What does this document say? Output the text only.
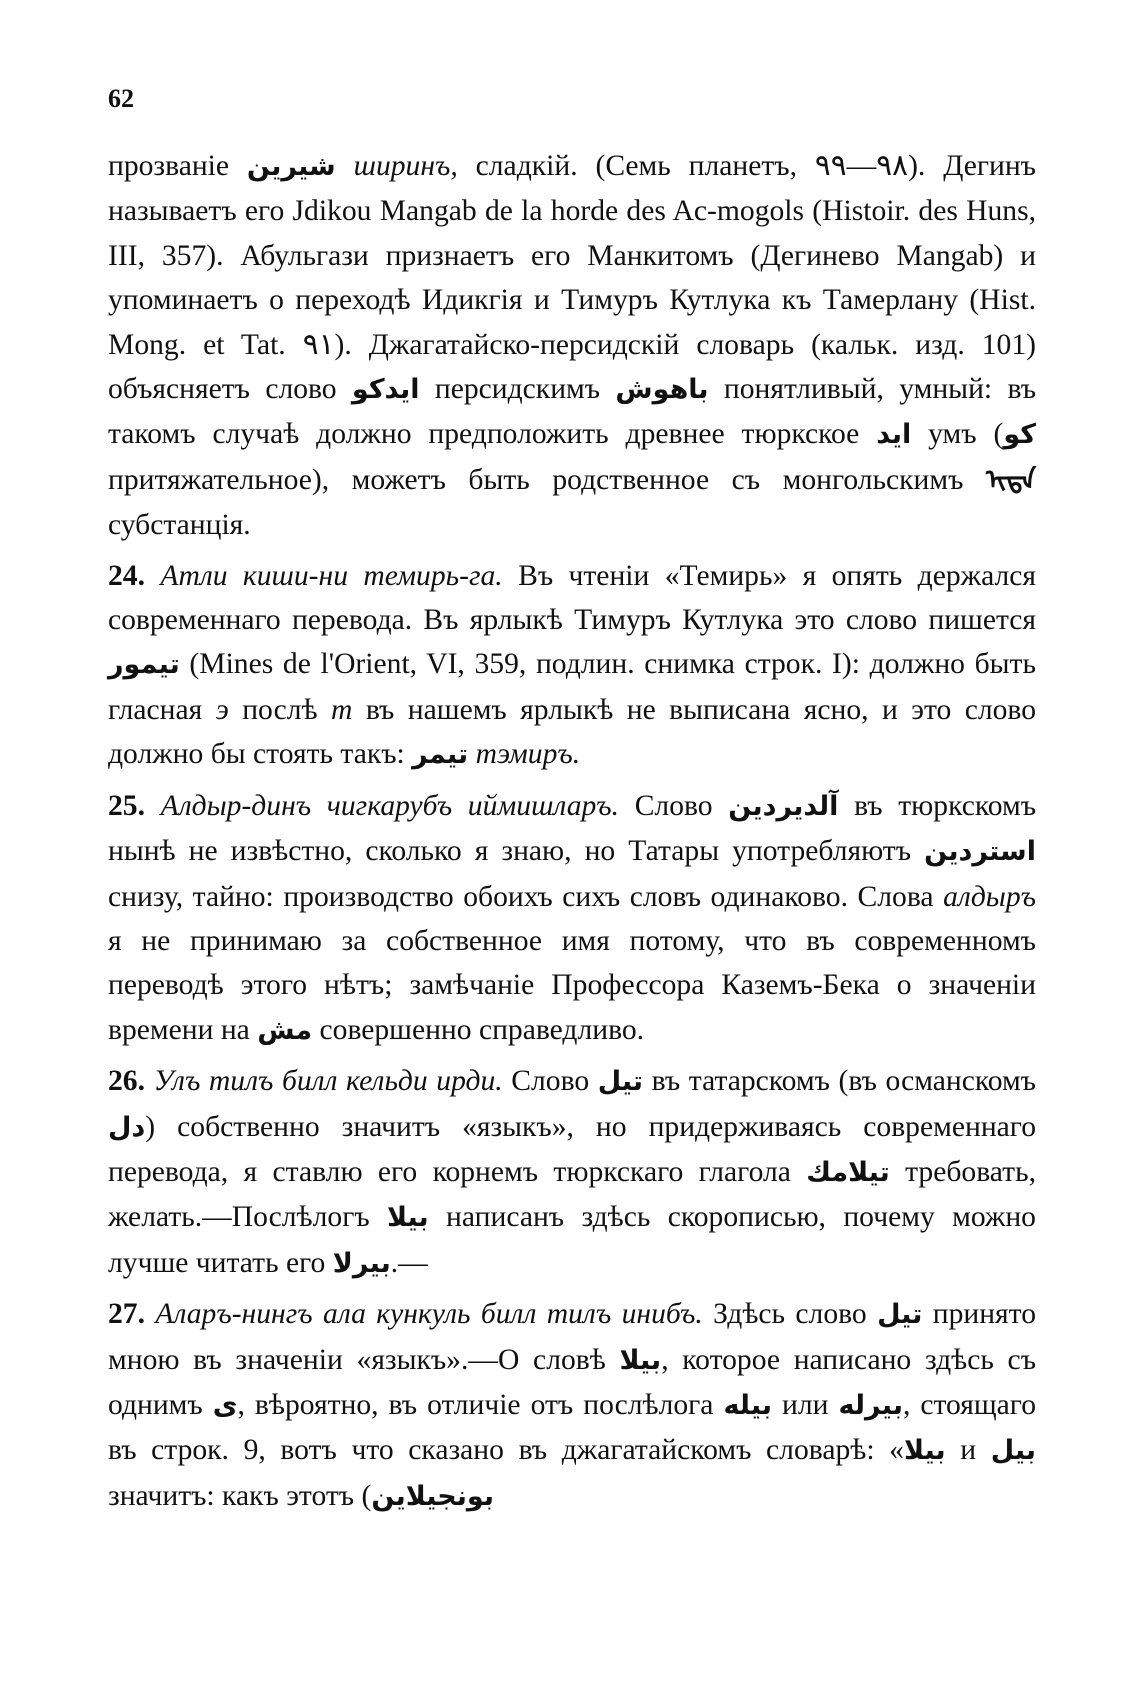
62

прозваніе شيرين ширинъ, сладкій. (Семь планетъ, ٩٨—٩٩). Дегинъ называетъ его Jdikou Mangab de la horde des Ac-mogols (Histoir. des Huns, III, 357). Абульгази признаетъ его Манкитомъ (Дегинево Mangab) и упоминаетъ о переходѣ Идикгія и Тимуръ Кутлука къ Тамерлану (Hist. Mong. et Tat. ٩١). Джагатайско-персидскій словарь (кальк. изд. 101) объясняетъ слово ايدكو персидскимъ باهوش понятливый, умный: въ такомъ случаѣ должно предположить древнее тюркское ايد умъ (كو притяжательное), можетъ быть родственное съ монгольскимъ ᠢᠳᠡ субстанція.

24. Атли киши-ни темирь-га. Въ чтеніи «Темирь» я опять держался современнаго перевода. Въ ярлыкѣ Тимуръ Кутлука это слово пишется تيمور (Mines de l'Orient, VI, 359, подлин. снимка строк. I): должно быть гласная э послѣ т въ нашемъ ярлыкѣ не выписана ясно, и это слово должно бы стоять такъ: تيمر тэмиръ.

25. Алдыр-динъ чигкарубъ иймишларъ. Слово آلديردين въ тюркскомъ нынѣ не извѣстно, сколько я знаю, но Татары употребляютъ استردين снизу, тайно: производство обоихъ сихъ словъ одинаково. Слова алдыръ я не принимаю за собственное имя потому, что въ современномъ переводѣ этого нѣтъ; замѣчаніе Профессора Каземъ-Бека о значеніи времени на مش совершенно справедливо.

26. Улъ тилъ билл кельди ирди. Слово تيل въ татарскомъ (въ османскомъ دل) собственно значитъ «языкъ», но придерживаясь современнаго перевода, я ставлю его корнемъ тюркскаго глагола تيلامك требовать, желать.—Послѣлогъ بيلا написанъ здѣсь скорописью, почему можно лучше читать его بيرلا.—

27. Аларъ-нингъ ала кункуль билл тилъ инибъ. Здѣсь слово تيل принято мною въ значеніи «языкъ».—О словѣ بيلا, которое написано здѣсь съ однимъ ى, вѣроятно, въ отличіе отъ послѣлога بيله или بيرله, стоящаго въ строк. 9, вотъ что сказано въ джагатайскомъ словарѣ: «بيلا и بيل значитъ: какъ этотъ (بونجيلاين
